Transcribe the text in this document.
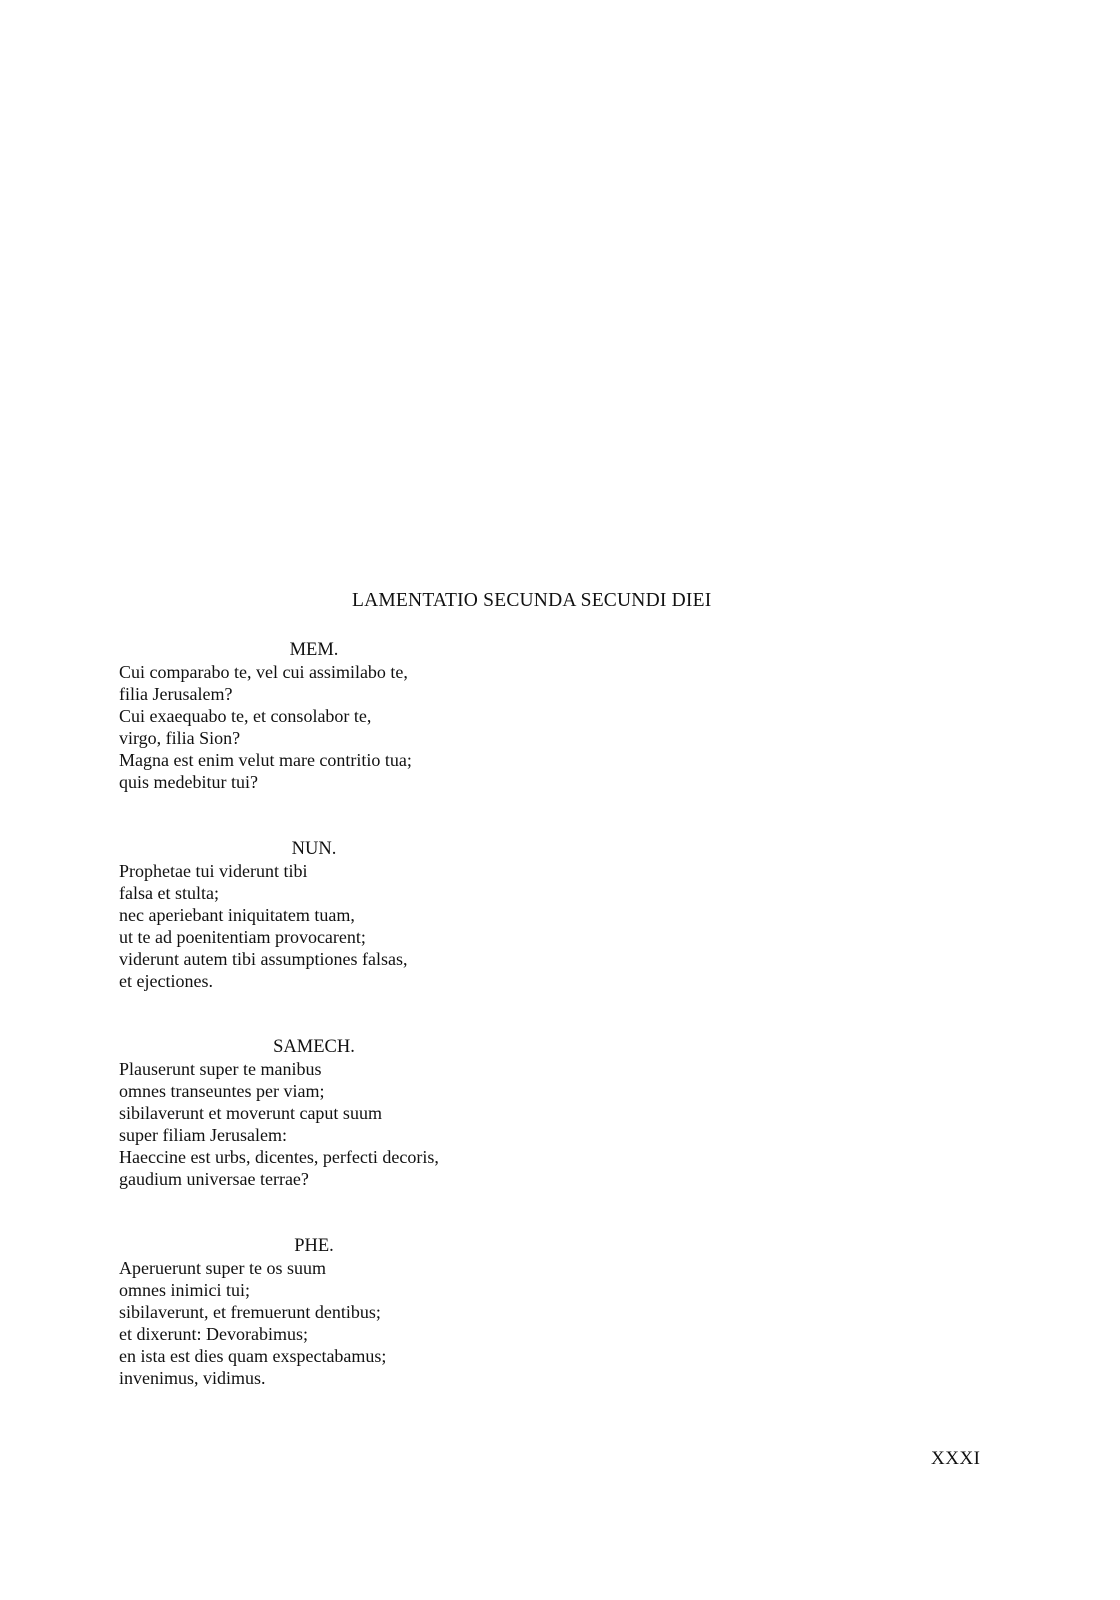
LAMENTATIO SECUNDA SECUNDI DIEI
MEM.
Cui comparabo te, vel cui assimilabo te,
filia Jerusalem?
Cui exaequabo te, et consolabor te,
virgo, filia Sion?
Magna est enim velut mare contritio tua;
quis medebitur tui?
NUN.
Prophetae tui viderunt tibi
falsa et stulta;
nec aperiebant iniquitatem tuam,
ut te ad poenitentiam provocarent;
viderunt autem tibi assumptiones falsas,
et ejectiones.
SAMECH.
Plauserunt super te manibus
omnes transeuntes per viam;
sibilaverunt et moverunt caput suum
super filiam Jerusalem:
Haeccine est urbs, dicentes, perfecti decoris,
gaudium universae terrae?
PHE.
Aperuerunt super te os suum
omnes inimici tui;
sibilaverunt, et fremuerunt dentibus;
et dixerunt: Devorabimus;
en ista est dies quam exspectabamus;
invenimus, vidimus.
XXXI
